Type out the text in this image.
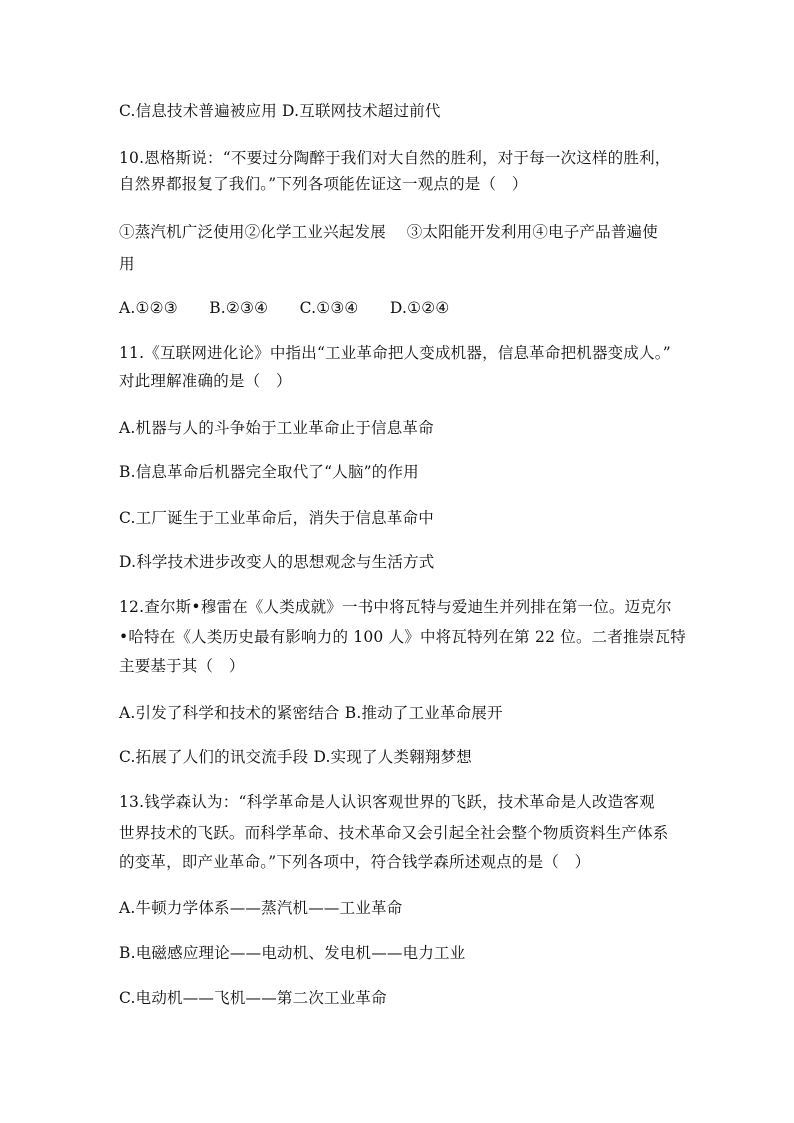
C.信息技术普遍被应用 D.互联网技术超过前代
10.恩格斯说：“不要过分陶醉于我们对大自然的胜利，对于每一次这样的胜利，
自然界都报复了我们。”下列各项能佐证这一观点的是（　）
①蒸汽机广泛使用②化学工业兴起发展　 ③太阳能开发利用④电子产品普遍使
用
A.①②③　　B.②③④　　C.①③④　　D.①②④
11.《互联网进化论》中指出“工业革命把人变成机器，信息革命把机器变成人。”
对此理解准确的是（　）
A.机器与人的斗争始于工业革命止于信息革命
B.信息革命后机器完全取代了“人脑”的作用
C.工厂诞生于工业革命后，消失于信息革命中
D.科学技术进步改变人的思想观念与生活方式
12.查尔斯•穆雷在《人类成就》一书中将瓦特与爱迪生并列排在第一位。迈克尔
•哈特在《人类历史最有影响力的 100 人》中将瓦特列在第 22 位。二者推崇瓦特
主要基于其（　）
A.引发了科学和技术的紧密结合 B.推动了工业革命展开
C.拓展了人们的讯交流手段 D.实现了人类翱翔梦想
13.钱学森认为：“科学革命是人认识客观世界的飞跃，技术革命是人改造客观
世界技术的飞跃。而科学革命、技术革命又会引起全社会整个物质资料生产体系
的变革，即产业革命。”下列各项中，符合钱学森所述观点的是（　）
A.牛顿力学体系——蒸汽机——工业革命
B.电磁感应理论——电动机、发电机——电力工业
C.电动机——飞机——第二次工业革命
